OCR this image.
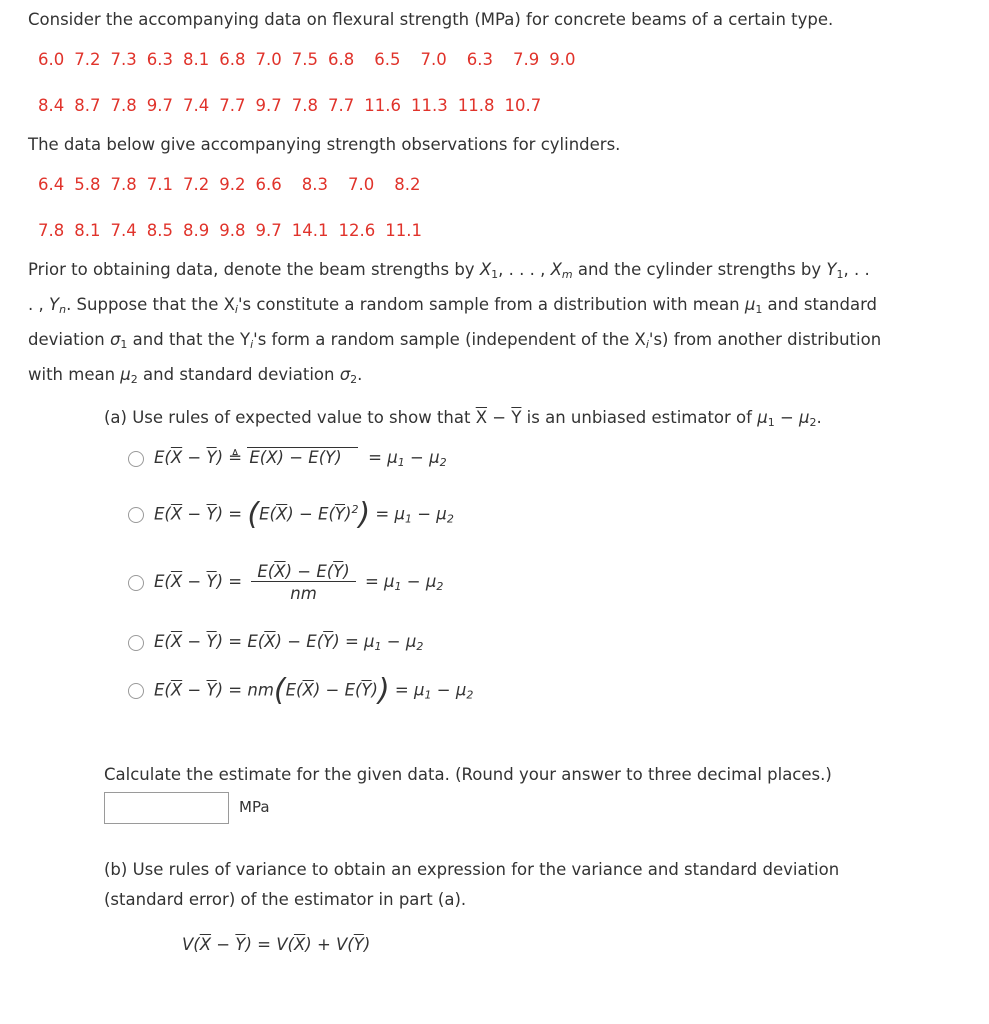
Consider the accompanying data on flexural strength (MPa) for concrete beams of a certain type.
6.0 7.2 7.3 6.3 8.1 6.8 7.0 7.5 6.8 6.5 7.0 6.3 7.9 9.0
8.4 8.7 7.8 9.7 7.4 7.7 9.7 7.8 7.7 11.6 11.3 11.8 10.7
The data below give accompanying strength observations for cylinders.
6.4 5.8 7.8 7.1 7.2 9.2 6.6 8.3 7.0 8.2
7.8 8.1 7.4 8.5 8.9 9.8 9.7 14.1 12.6 11.1
Prior to obtaining data, denote the beam strengths by $X_1$, . . . , $X_m$ and the cylinder strengths by $Y_1$, . .
. , $Y_n$. Suppose that the $X_i's$ constitute a random sample from a distribution with mean $\mu_1$ and standard
deviation $\sigma_1$ and that the $Y_i's$ form a random sample (independent of the $X_i's$) from another distribution
with mean $\mu_2$ and standard deviation $\sigma_2$.
(a) Use rules of expected value to show that $\overline{X} - \overline{Y}$ is an unbiased estimator of $\mu_1 - \mu_2$.
$E(\overline{X} - \overline{Y})$ ≜ $E(X) - E(Y) = \mu_1 - \mu_2$
$E(\overline{X} - \overline{Y}) = (E(\overline{X}) - E(\overline{Y})^2) = \mu_1 - \mu_2$
$E(\overline{X} - \overline{Y}) = \frac{E(\overline{X}) - E(\overline{Y})}{nm} = \mu_1 - \mu_2$
$E(\overline{X} - \overline{Y}) = E(\overline{X}) - E(\overline{Y}) = \mu_1 - \mu_2$
$E(\overline{X} - \overline{Y}) = nm(E(\overline{X}) - E(\overline{Y})) = \mu_1 - \mu_2$
Calculate the estimate for the given data. (Round your answer to three decimal places.)
MPa
(b) Use rules of variance to obtain an expression for the variance and standard deviation
(standard error) of the estimator in part (a).
$V(\overline{X} - \overline{Y}) = V(\overline{X}) + V(\overline{Y})$
